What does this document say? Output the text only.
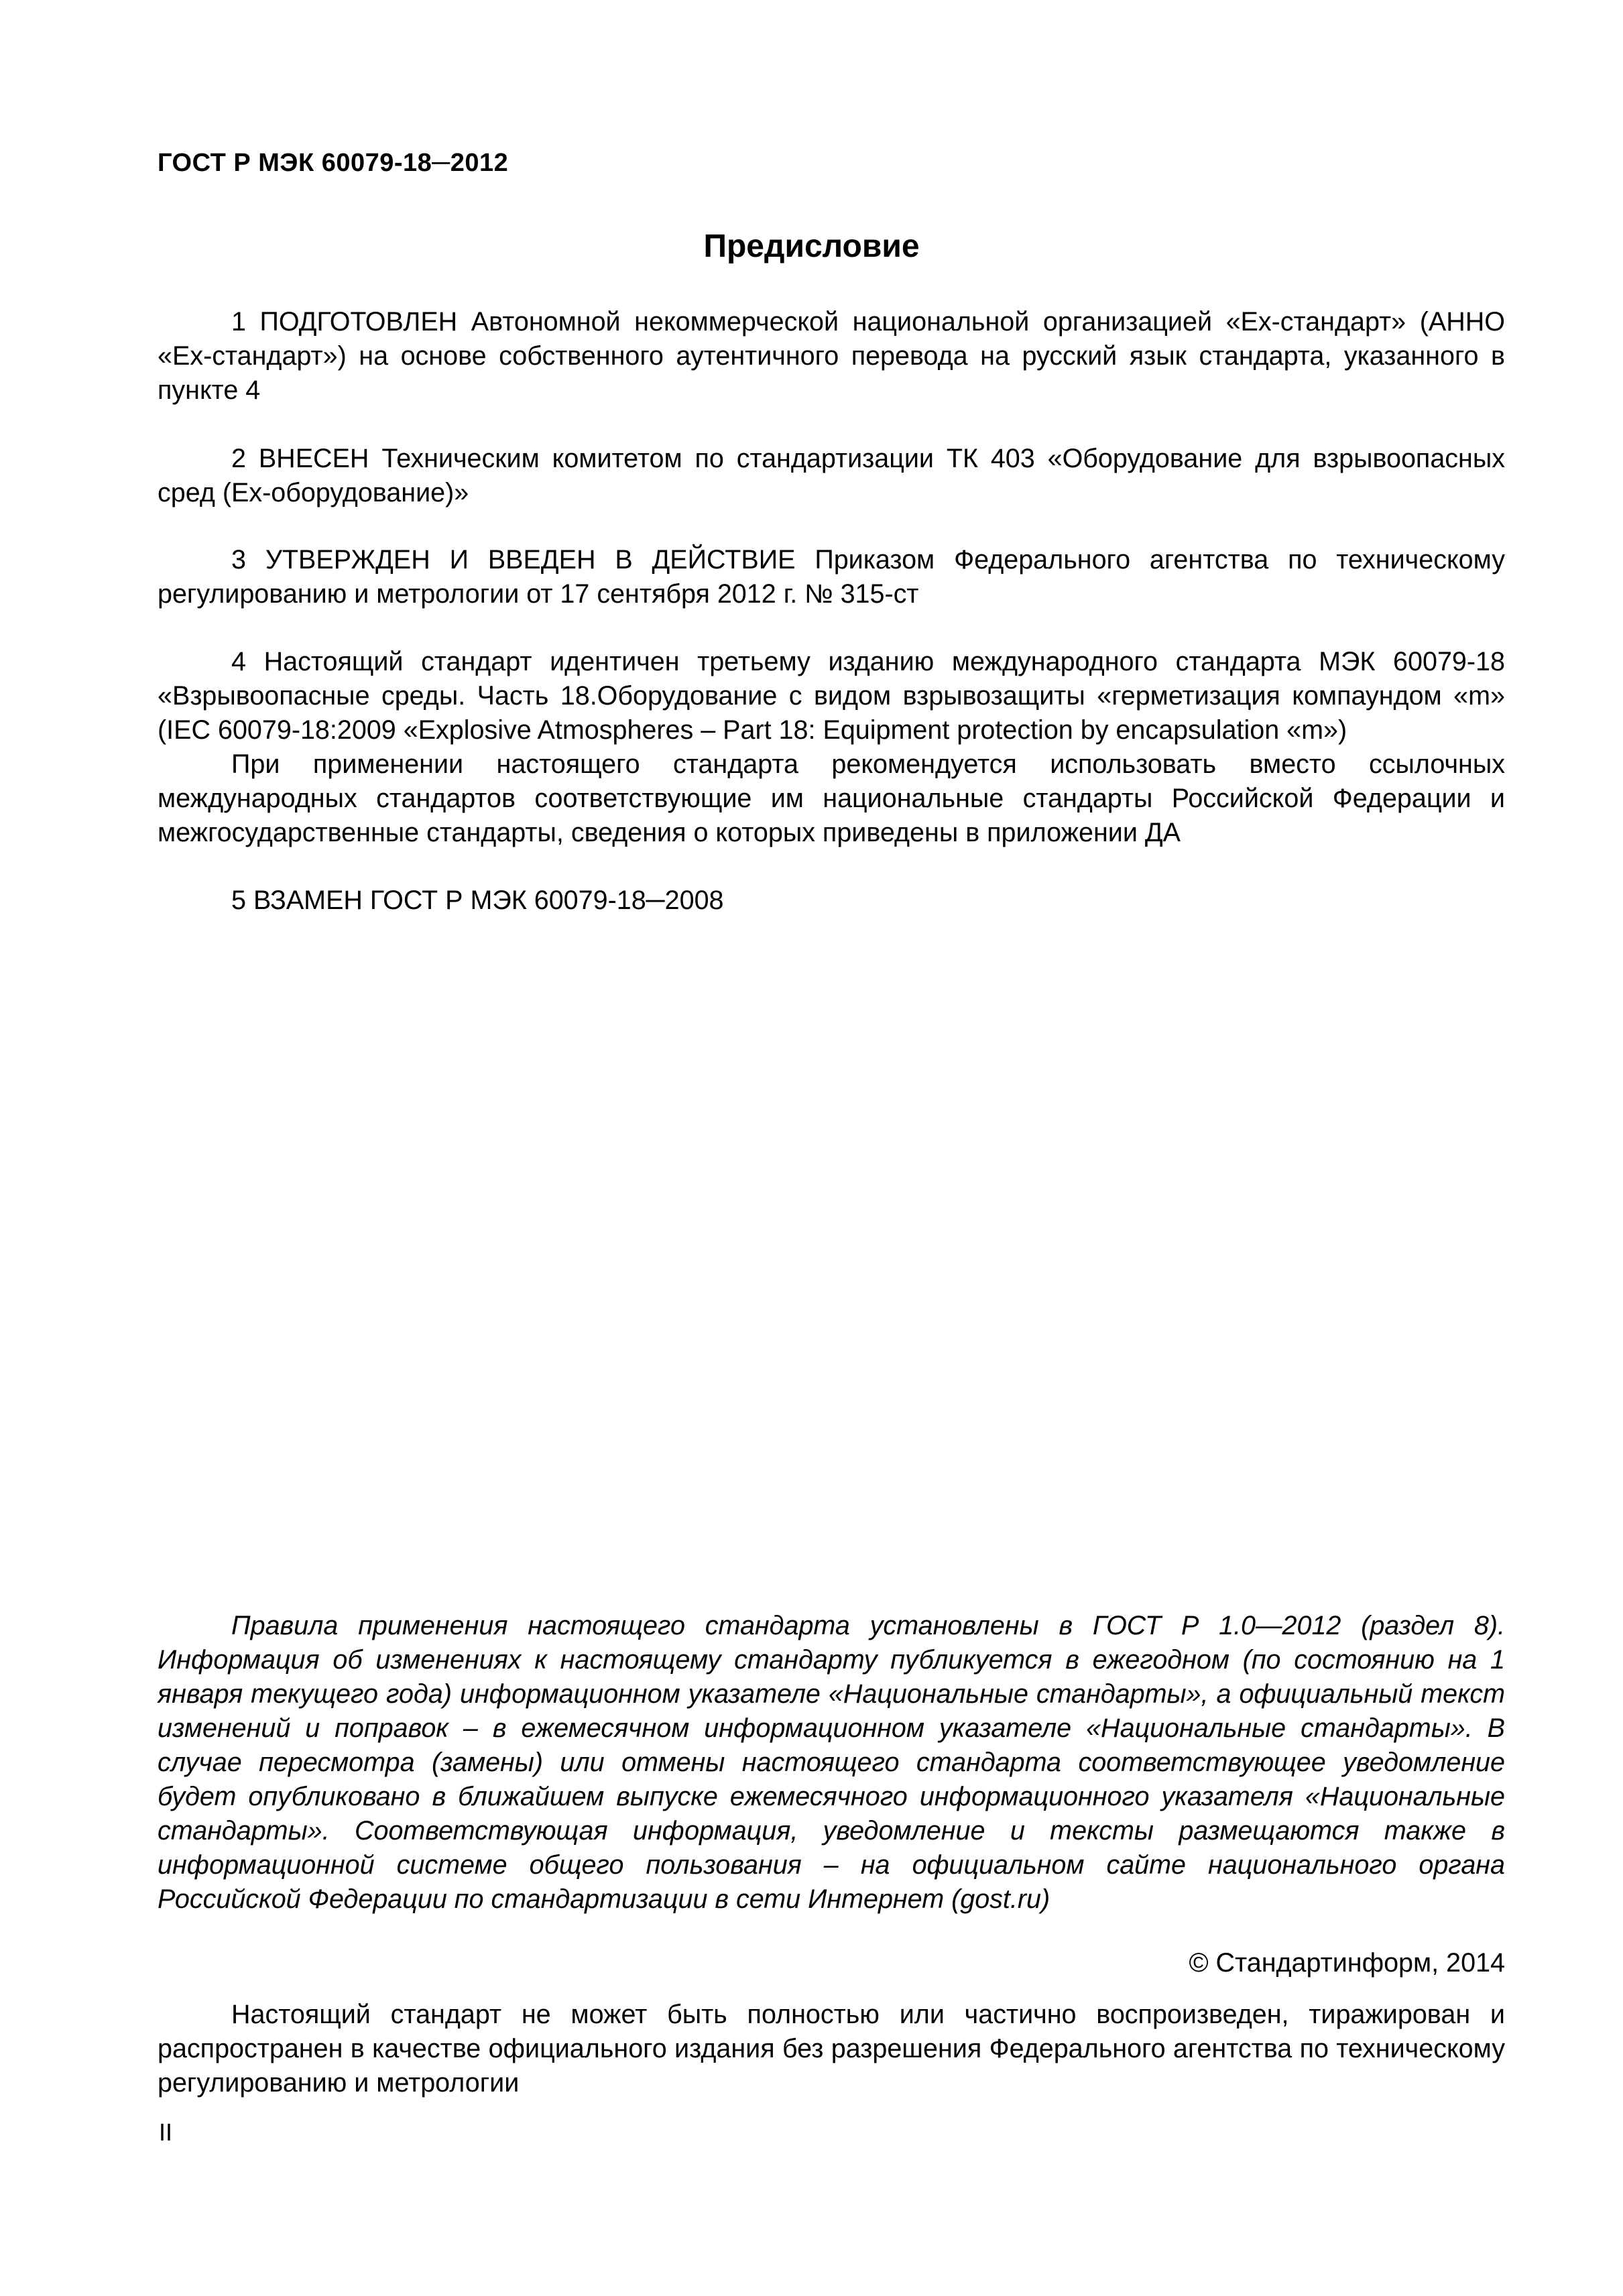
ГОСТ Р МЭК 60079-18─2012
Предисловие

1 ПОДГОТОВЛЕН Автономной некоммерческой национальной организацией «Ех-стандарт» (АННО «Ех-стандарт») на основе собственного аутентичного перевода на русский язык стандарта, указанного в пункте 4

2 ВНЕСЕН Техническим комитетом по стандартизации ТК 403 «Оборудование для взрывоопасных сред (Ех-оборудование)»

3 УТВЕРЖДЕН И ВВЕДЕН В ДЕЙСТВИЕ Приказом Федерального агентства по техническому регулированию и метрологии от 17 сентября 2012 г. № 315-ст

4 Настоящий стандарт идентичен третьему изданию международного стандарта МЭК 60079-18 «Взрывоопасные среды. Часть 18.Оборудование с видом взрывозащиты «герметизация компаундом «m» (IEC 60079-18:2009 «Explosive Atmospheres – Part 18: Equipment protection by encapsulation «m»)

При применении настоящего стандарта рекомендуется использовать вместо ссылочных международных стандартов соответствующие им национальные стандарты Российской Федерации и межгосударственные стандарты, сведения о которых приведены в приложении ДА

5 ВЗАМЕН ГОСТ Р МЭК 60079-18─2008

Правила применения настоящего стандарта установлены в ГОСТ Р 1.0—2012 (раздел 8). Информация об изменениях к настоящему стандарту публикуется в ежегодном (по состоянию на 1 января текущего года) информационном указателе «Национальные стандарты», а официальный текст изменений и поправок – в ежемесячном информационном указателе «Национальные стандарты». В случае пересмотра (замены) или отмены настоящего стандарта соответствующее уведомление будет опубликовано в ближайшем выпуске ежемесячного информационного указателя «Национальные стандарты». Соответствующая информация, уведомление и тексты размещаются также в информационной системе общего пользования – на официальном сайте национального органа Российской Федерации по стандартизации в сети Интернет (gost.ru)

© Стандартинформ, 2014

Настоящий стандарт не может быть полностью или частично воспроизведен, тиражирован и распространен в качестве официального издания без разрешения Федерального агентства по техническому регулированию и метрологии

II
